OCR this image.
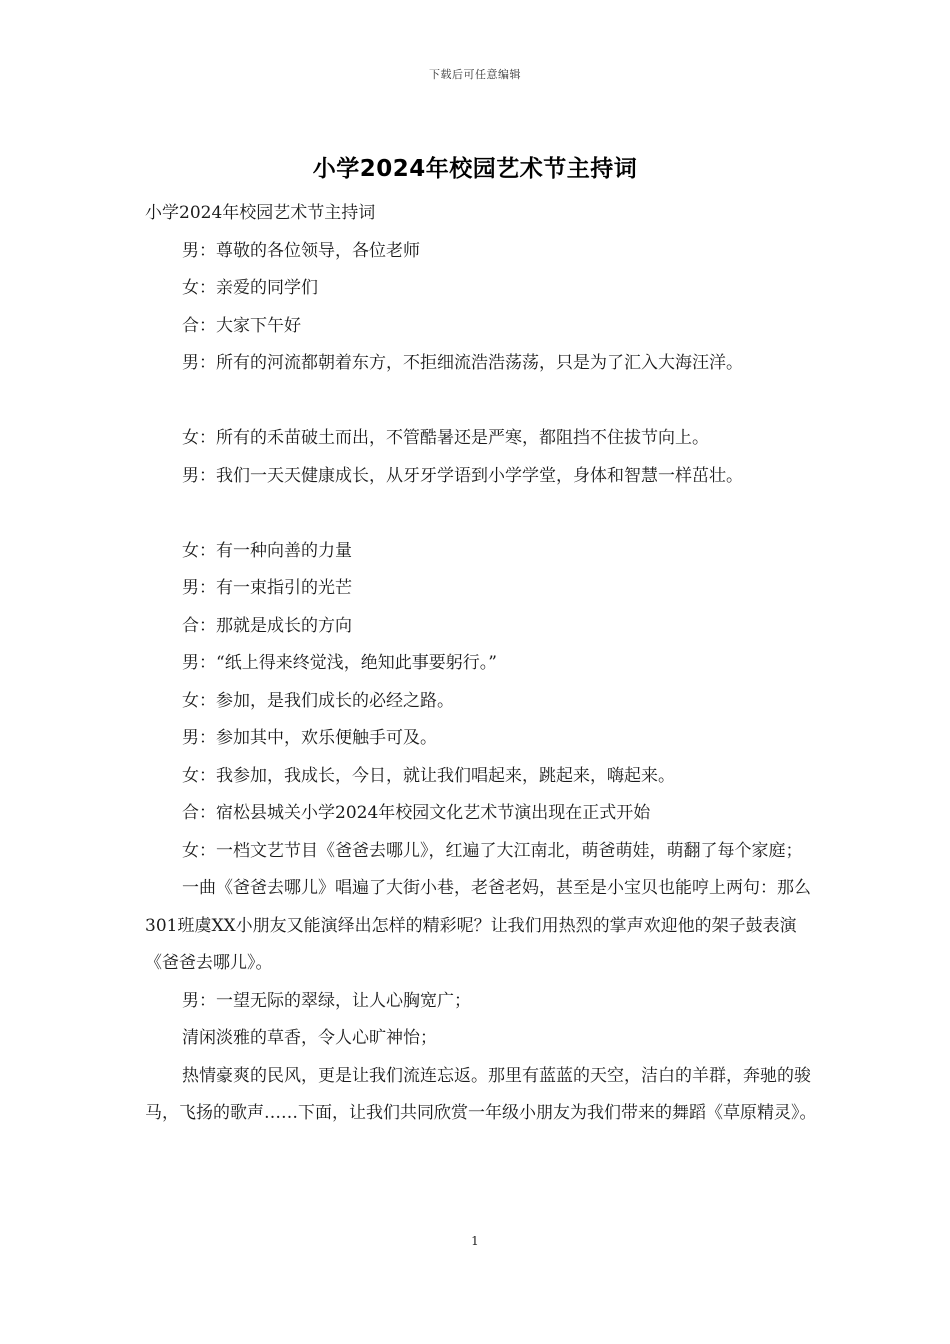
下载后可任意编辑
小学2024年校园艺术节主持词

小学2024年校园艺术节主持词

男：尊敬的各位领导，各位老师

女：亲爱的同学们

合：大家下午好

男：所有的河流都朝着东方，不拒细流浩浩荡荡，只是为了汇入大海汪洋。

女：所有的禾苗破土而出，不管酷暑还是严寒，都阻挡不住拔节向上。

男：我们一天天健康成长，从牙牙学语到小学学堂，身体和智慧一样茁壮。

女：有一种向善的力量

男：有一束指引的光芒

合：那就是成长的方向

男：“纸上得来终觉浅，绝知此事要躬行。”

女：参加，是我们成长的必经之路。

男：参加其中，欢乐便触手可及。

女：我参加，我成长，今日，就让我们唱起来，跳起来，嗨起来。

合：宿松县城关小学2024年校园文化艺术节演出现在正式开始

女：一档文艺节目《爸爸去哪儿》，红遍了大江南北，萌爸萌娃，萌翻了每个家庭；

一曲《爸爸去哪儿》唱遍了大街小巷，老爸老妈，甚至是小宝贝也能哼上两句：那么301班虞XX小朋友又能演绎出怎样的精彩呢？让我们用热烈的掌声欢迎他的架子鼓表演《爸爸去哪儿》。

男：一望无际的翠绿，让人心胸宽广；

清闲淡雅的草香，令人心旷神怡；

热情豪爽的民风，更是让我们流连忘返。那里有蓝蓝的天空，洁白的羊群，奔驰的骏马，飞扬的歌声……下面，让我们共同欣赏一年级小朋友为我们带来的舞蹈《草原精灵》。

1
